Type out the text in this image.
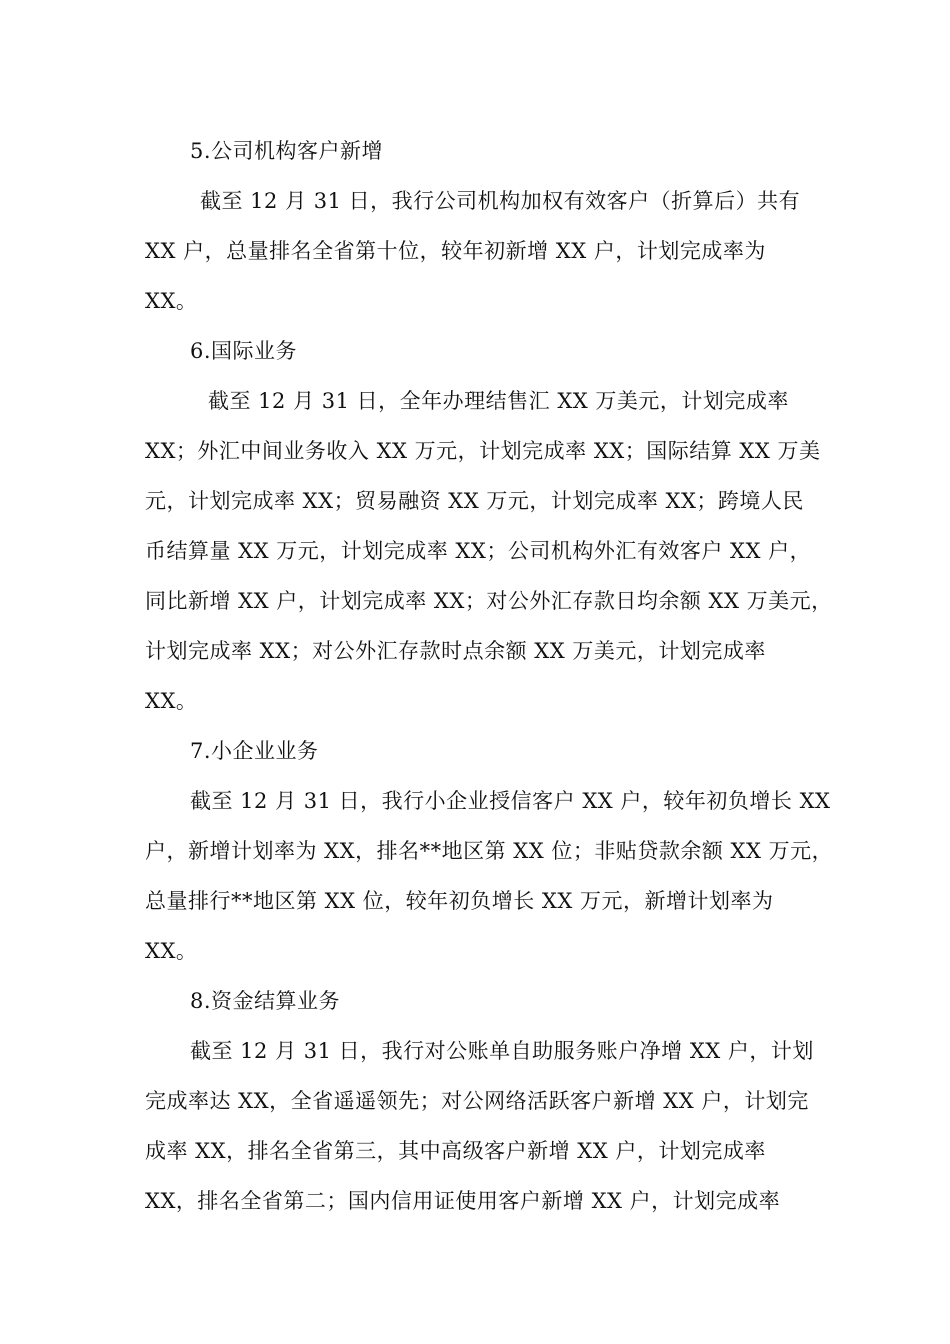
5.公司机构客户新增
截至 12 月 31 日，我行公司机构加权有效客户（折算后）共有
XX 户，总量排名全省第十位，较年初新增 XX 户，计划完成率为
XX。
6.国际业务
截至 12 月 31 日，全年办理结售汇 XX 万美元，计划完成率
XX；外汇中间业务收入 XX 万元，计划完成率 XX；国际结算 XX 万美
元，计划完成率 XX；贸易融资 XX 万元，计划完成率 XX；跨境人民
币结算量 XX 万元，计划完成率 XX；公司机构外汇有效客户 XX 户，
同比新增 XX 户，计划完成率 XX；对公外汇存款日均余额 XX 万美元，
计划完成率 XX；对公外汇存款时点余额 XX 万美元，计划完成率
XX。
7.小企业业务
截至 12 月 31 日，我行小企业授信客户 XX 户，较年初负增长 XX
户，新增计划率为 XX，排名**地区第 XX 位；非贴贷款余额 XX 万元，
总量排行**地区第 XX 位，较年初负增长 XX 万元，新增计划率为
XX。
8.资金结算业务
截至 12 月 31 日，我行对公账单自助服务账户净增 XX 户，计划
完成率达 XX，全省遥遥领先；对公网络活跃客户新增 XX 户，计划完
成率 XX，排名全省第三，其中高级客户新增 XX 户，计划完成率
XX，排名全省第二；国内信用证使用客户新增 XX 户，计划完成率
